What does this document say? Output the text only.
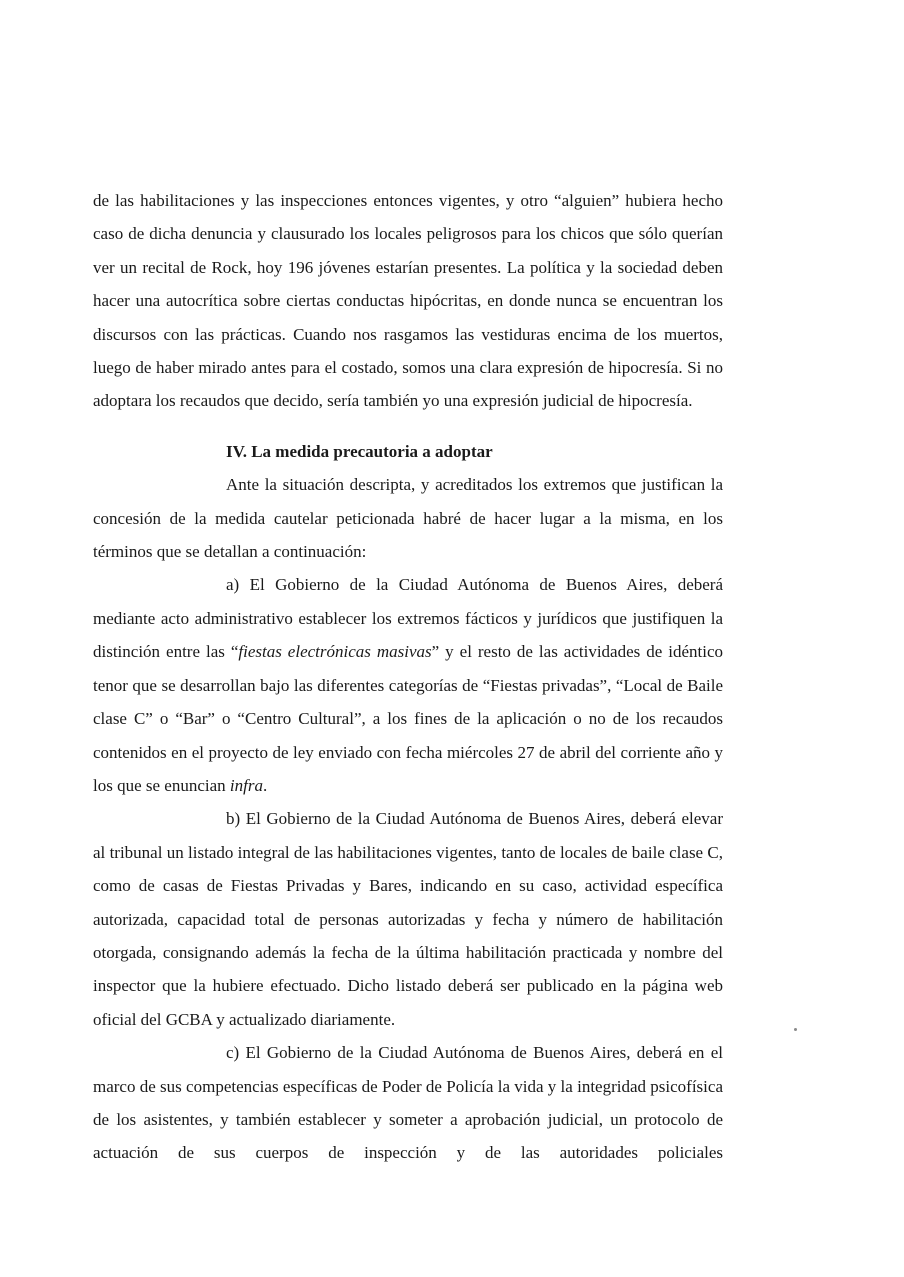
de las habilitaciones y las inspecciones entonces vigentes, y otro “alguien” hubiera hecho caso de dicha denuncia y clausurado los locales peligrosos para los chicos que sólo querían ver un recital de Rock, hoy 196 jóvenes estarían presentes. La política y la sociedad deben hacer una autocrítica sobre ciertas conductas hipócritas, en donde nunca se encuentran los discursos con las prácticas. Cuando nos rasgamos las vestiduras encima de los muertos, luego de haber mirado antes para el costado, somos una clara expresión de hipocresía. Si no adoptara los recaudos que decido, sería también yo una expresión judicial de hipocresía.

IV. La medida precautoria a adoptar

Ante la situación descripta, y acreditados los extremos que justifican la concesión de la medida cautelar peticionada habré de hacer lugar a la misma, en los términos que se detallan a continuación:

a) El Gobierno de la Ciudad Autónoma de Buenos Aires, deberá mediante acto administrativo establecer los extremos fácticos y jurídicos que justifiquen la distinción entre las “fiestas electrónicas masivas” y el resto de las actividades de idéntico tenor que se desarrollan bajo las diferentes categorías de “Fiestas privadas”, “Local de Baile clase C” o “Bar” o “Centro Cultural”, a los fines de la aplicación o no de los recaudos contenidos en el proyecto de ley enviado con fecha miércoles 27 de abril del corriente año y los que se enuncian infra.

b) El Gobierno de la Ciudad Autónoma de Buenos Aires, deberá elevar al tribunal un listado integral de las habilitaciones vigentes, tanto de locales de baile clase C, como de casas de Fiestas Privadas y Bares, indicando en su caso, actividad específica autorizada, capacidad total de personas autorizadas y fecha y número de habilitación otorgada, consignando además la fecha de la última habilitación practicada y nombre del inspector que la hubiere efectuado. Dicho listado deberá ser publicado en la página web oficial del GCBA y actualizado diariamente.

c) El Gobierno de la Ciudad Autónoma de Buenos Aires, deberá en el marco de sus competencias específicas de Poder de Policía la vida y la integridad psicofísica de los asistentes, y también establecer y someter a aprobación judicial, un protocolo de actuación de sus cuerpos de inspección y de las autoridades policiales
